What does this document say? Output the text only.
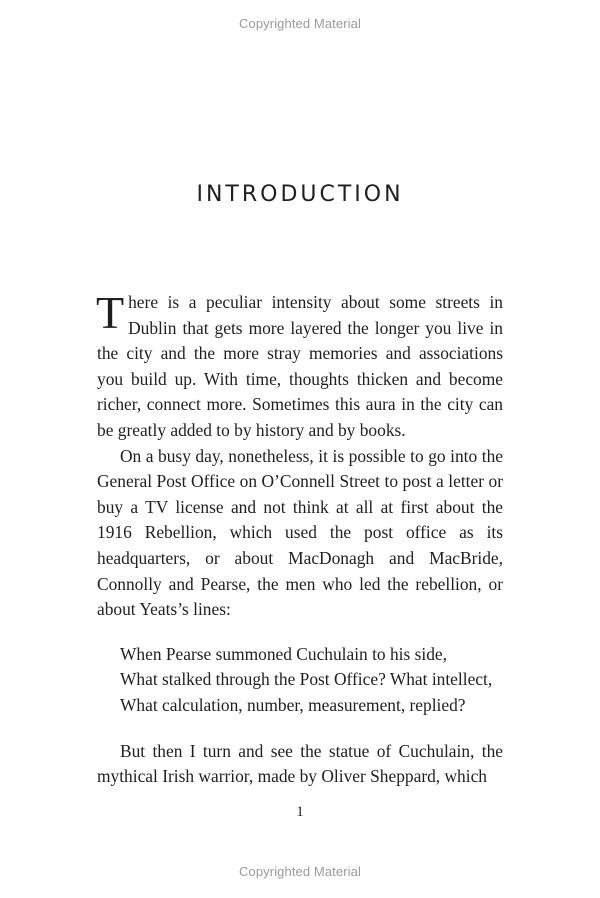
Copyrighted Material
INTRODUCTION

There is a peculiar intensity about some streets in Dublin that gets more layered the longer you live in the city and the more stray memories and associations you build up. With time, thoughts thicken and become richer, connect more. Sometimes this aura in the city can be greatly added to by history and by books.

On a busy day, nonetheless, it is possible to go into the General Post Office on O’Connell Street to post a letter or buy a TV license and not think at all at first about the 1916 Rebellion, which used the post office as its headquarters, or about MacDonagh and MacBride, Connolly and Pearse, the men who led the rebellion, or about Yeats’s lines:

When Pearse summoned Cuchulain to his side,
What stalked through the Post Office? What intellect,
What calculation, number, measurement, replied?

But then I turn and see the statue of Cuchulain, the mythical Irish warrior, made by Oliver Sheppard, which

1
Copyrighted Material
